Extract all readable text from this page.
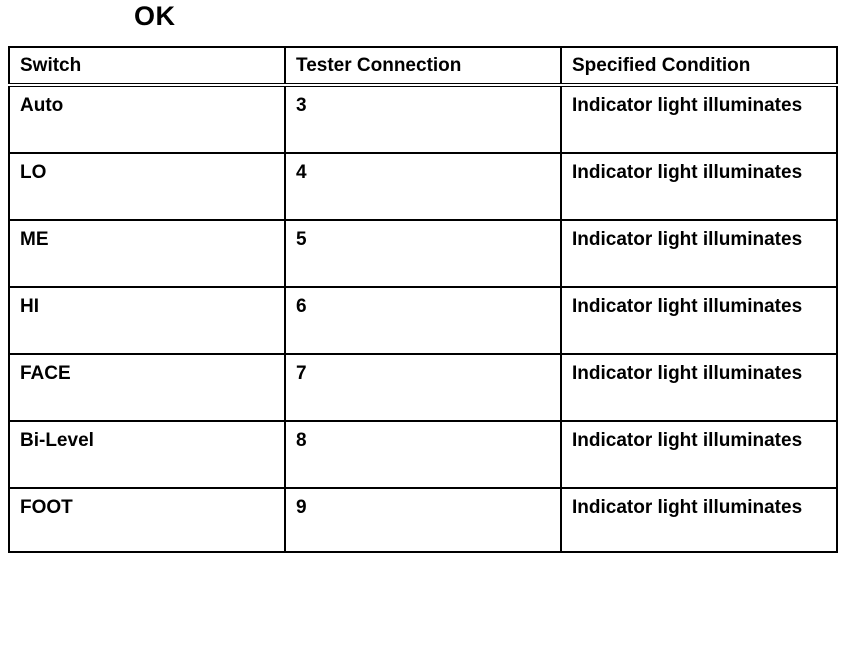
OK
Switch	Tester Connection	Specified Condition
Auto	3	Indicator light illuminates
LO	4	Indicator light illuminates
ME	5	Indicator light illuminates
HI	6	Indicator light illuminates
FACE	7	Indicator light illuminates
Bi-Level	8	Indicator light illuminates
FOOT	9	Indicator light illuminates
